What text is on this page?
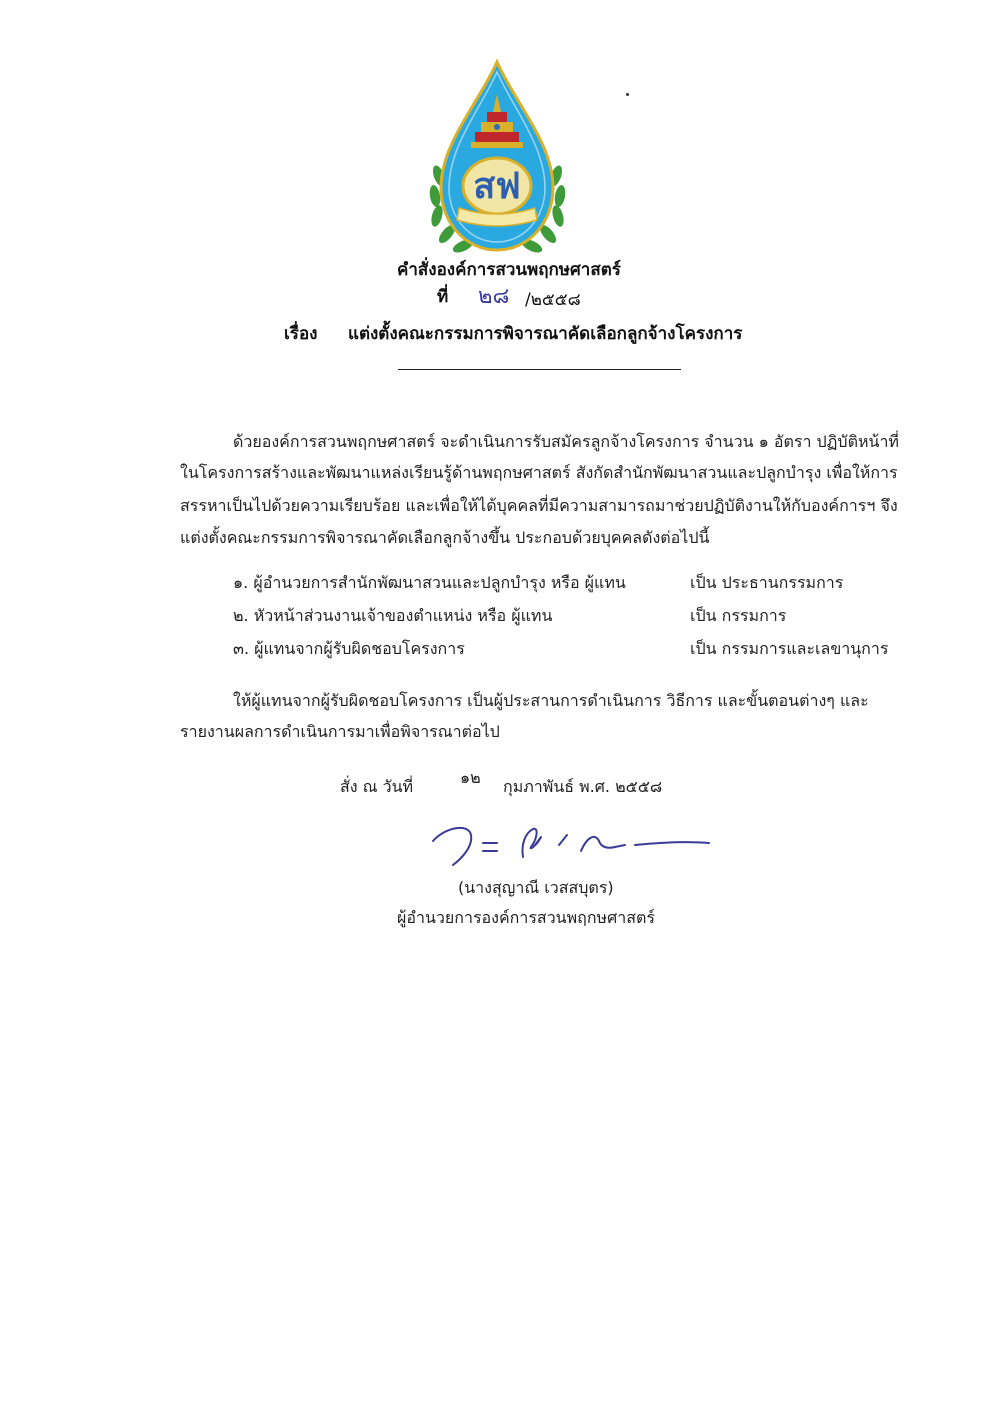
สฟ
คำสั่งองค์การสวนพฤกษศาสตร์
ที่ ๒๘ /๒๕๕๘
เรื่อง แต่งตั้งคณะกรรมการพิจารณาคัดเลือกลูกจ้างโครงการ
ด้วยองค์การสวนพฤกษศาสตร์ จะดำเนินการรับสมัครลูกจ้างโครงการ จำนวน ๑ อัตรา ปฏิบัติหน้าที่
ในโครงการสร้างและพัฒนาแหล่งเรียนรู้ด้านพฤกษศาสตร์ สังกัดสำนักพัฒนาสวนและปลูกบำรุง เพื่อให้การ
สรรหาเป็นไปด้วยความเรียบร้อย และเพื่อให้ได้บุคคลที่มีความสามารถมาช่วยปฏิบัติงานให้กับองค์การฯ จึง
แต่งตั้งคณะกรรมการพิจารณาคัดเลือกลูกจ้างขึ้น ประกอบด้วยบุคคลดังต่อไปนี้
๑. ผู้อำนวยการสำนักพัฒนาสวนและปลูกบำรุง หรือ ผู้แทน	เป็น ประธานกรรมการ
๒. หัวหน้าส่วนงานเจ้าของตำแหน่ง หรือ ผู้แทน	เป็น กรรมการ
๓. ผู้แทนจากผู้รับผิดชอบโครงการ	เป็น กรรมการและเลขานุการ
ให้ผู้แทนจากผู้รับผิดชอบโครงการ เป็นผู้ประสานการดำเนินการ วิธีการ และขั้นตอนต่างๆ และ
รายงานผลการดำเนินการมาเพื่อพิจารณาต่อไป
สั่ง ณ วันที่	๑๒ กุมภาพันธ์ พ.ศ. ๒๕๕๘
(นางสุญาณี เวสสบุตร)
ผู้อำนวยการองค์การสวนพฤกษศาสตร์
